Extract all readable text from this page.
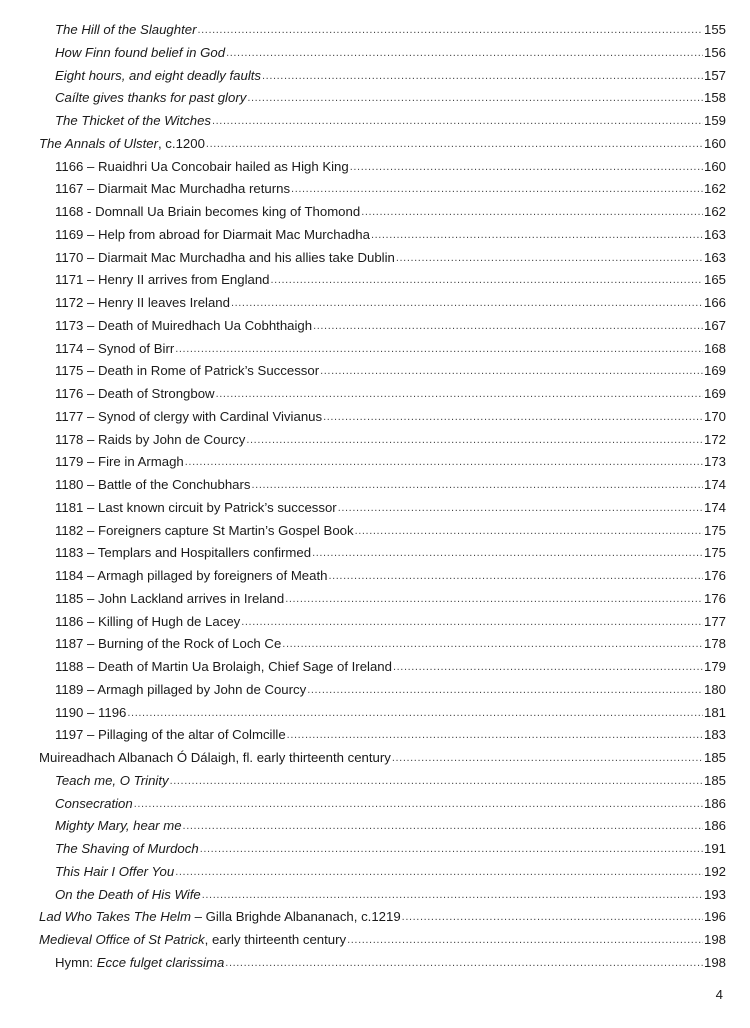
The Hill of the Slaughter .....	155
How Finn found belief in God .....	156
Eight hours, and eight deadly faults .....	157
Caílte gives thanks for past glory .....	158
The Thicket of the Witches .....	159
The Annals of Ulster, c.1200 .....	160
1166 – Ruaidhri Ua Concobair hailed as High King .....	160
1167 – Diarmait Mac Murchadha returns .....	162
1168 - Domnall Ua Briain becomes king of Thomond .....	162
1169 – Help from abroad for Diarmait Mac Murchadha .....	163
1170 – Diarmait Mac Murchadha and his allies take Dublin .....	163
1171 – Henry II arrives from England .....	165
1172 – Henry II leaves Ireland .....	166
1173 – Death of Muiredhach Ua Cobhthaigh .....	167
1174 – Synod of Birr .....	168
1175 – Death in Rome of Patrick’s Successor .....	169
1176 – Death of Strongbow .....	169
1177 – Synod of clergy with Cardinal Vivianus .....	170
1178 – Raids by John de Courcy .....	172
1179 – Fire in Armagh .....	173
1180 – Battle of the Conchubhars .....	174
1181 – Last known circuit by Patrick’s successor .....	174
1182 – Foreigners capture St Martin’s Gospel Book .....	175
1183 – Templars and Hospitallers confirmed .....	175
1184 – Armagh pillaged by foreigners of Meath .....	176
1185 – John Lackland arrives in Ireland .....	176
1186 – Killing of Hugh de Lacey .....	177
1187 – Burning of the Rock of Loch Ce .....	178
1188 – Death of Martin Ua Brolaigh, Chief Sage of Ireland .....	179
1189 – Armagh pillaged by John de Courcy .....	180
1190 – 1196 .....	181
1197 – Pillaging of the altar of Colmcille .....	183
Muireadhach Albanach Ó Dálaigh, fl. early thirteenth century .....	185
Teach me, O Trinity .....	185
Consecration .....	186
Mighty Mary, hear me .....	186
The Shaving of Murdoch .....	191
This Hair I Offer You .....	192
On the Death of His Wife .....	193
Lad Who Takes The Helm – Gilla Brighde Albananach, c.1219 .....	196
Medieval Office of St Patrick, early thirteenth century .....	198
Hymn: Ecce fulget clarissima .....	198
4
